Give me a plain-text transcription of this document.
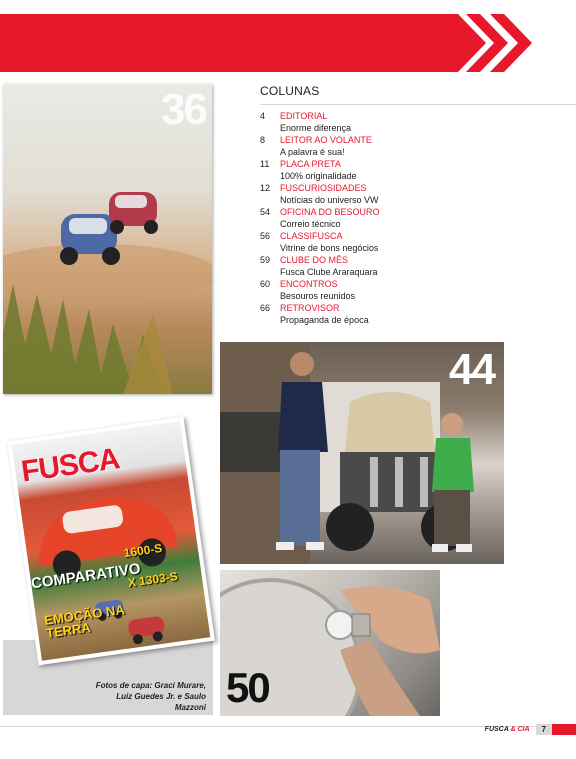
36	COLUNAS
4	EDITORIAL
Enorme diferença
8	LEITOR AO VOLANTE
A palavra é sua!
11	PLACA PRETA
100% originalidade
12	FUSCURIOSIDADES
Notícias do universo VW
54	OFICINA DO BESOURO
Correio técnico
56	CLASSIFUSCA
Vitrine de bons negócios
59	CLUBE DO MÊS
Fusca Clube Araraquara
60	ENCONTROS
Besouros reunidos
66	RETROVISOR
Propaganda de época
44
50
FUSCA
1600-S
COMPARATIVO
X 1303-S
EMOÇÃO NA TERRA
Fotos de capa: Graci Murare,
Luiz Guedes Jr. e Saulo Mazzoni
FUSCA & CIA	7
